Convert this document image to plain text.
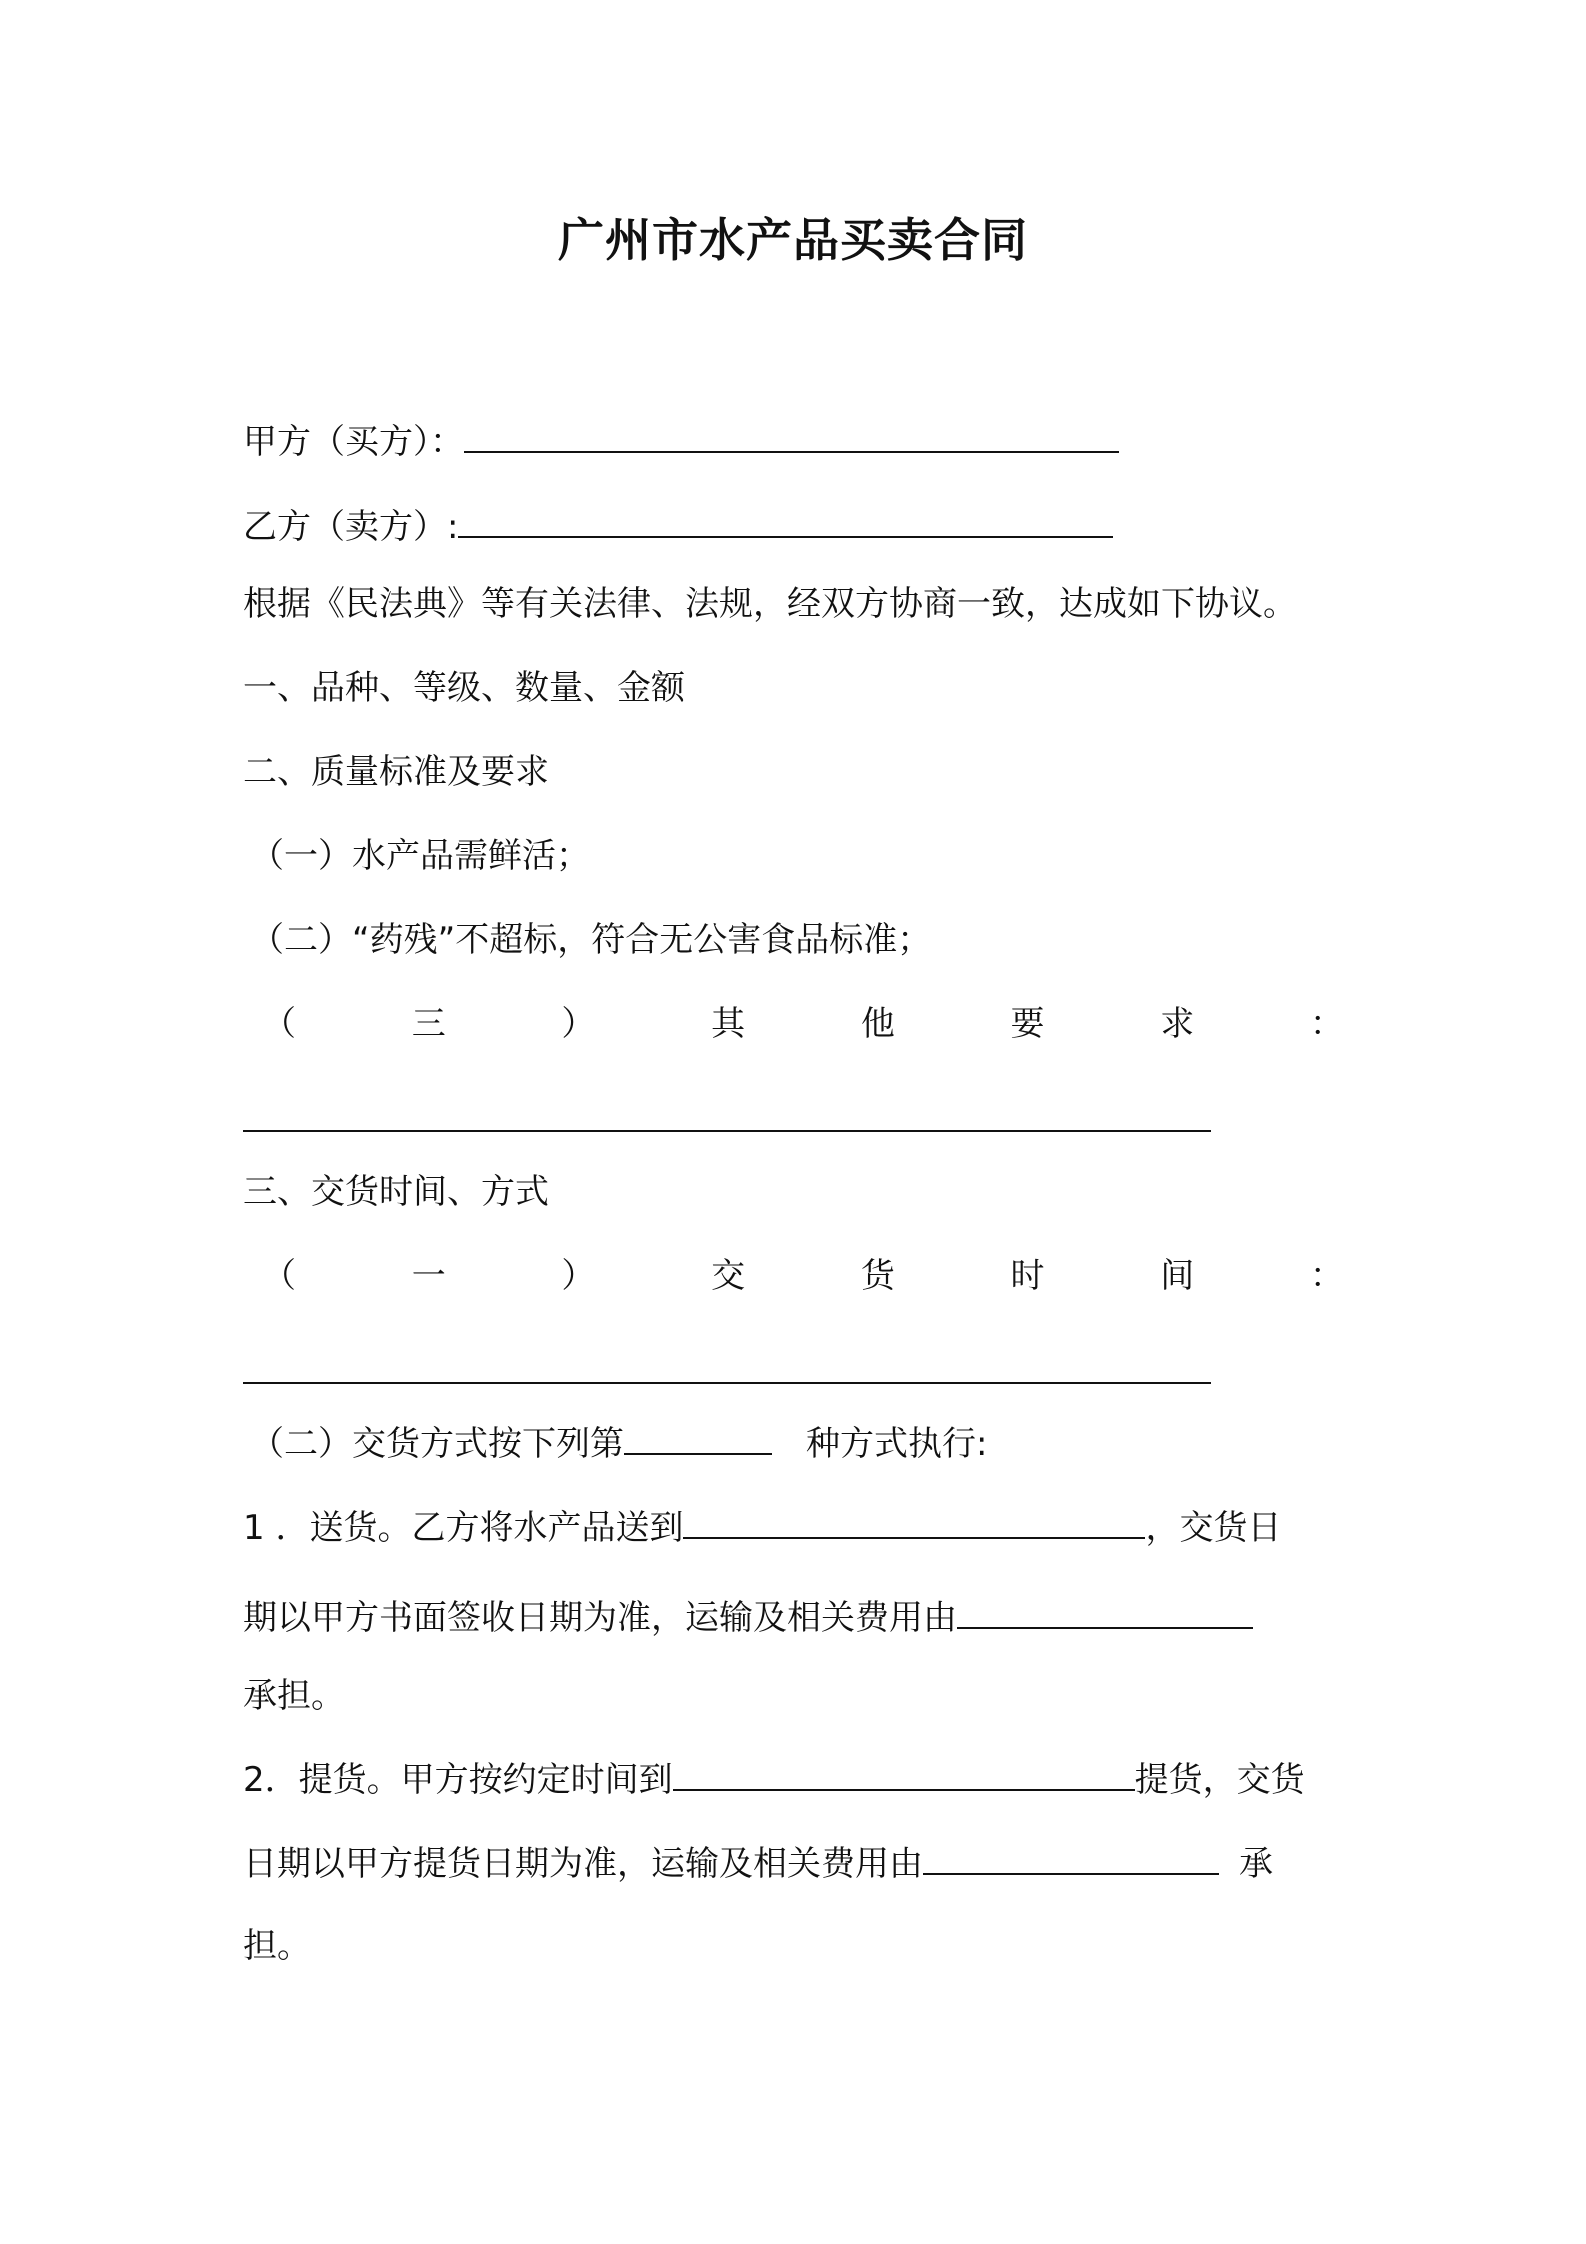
广州市水产品买卖合同
甲方（买方）：
乙方（卖方）:
根据《民法典》等有关法律、法规，经双方协商一致，达成如下协议。
一、品种、等级、数量、金额
二、质量标准及要求
（一）水产品需鲜活；
（二）“药残”不超标，符合无公害食品标准；
（	三	）	其	他	要	求	：
三、交货时间、方式
（	一	）	交	货	时	间	：
（二）交货方式按下列第	种方式执行:
1 ．送货。乙方将水产品送到	，交货日
期以甲方书面签收日期为准，运输及相关费用由
承担。
2．提货。甲方按约定时间到	提货，交货
日期以甲方提货日期为准，运输及相关费用由	承
担。
